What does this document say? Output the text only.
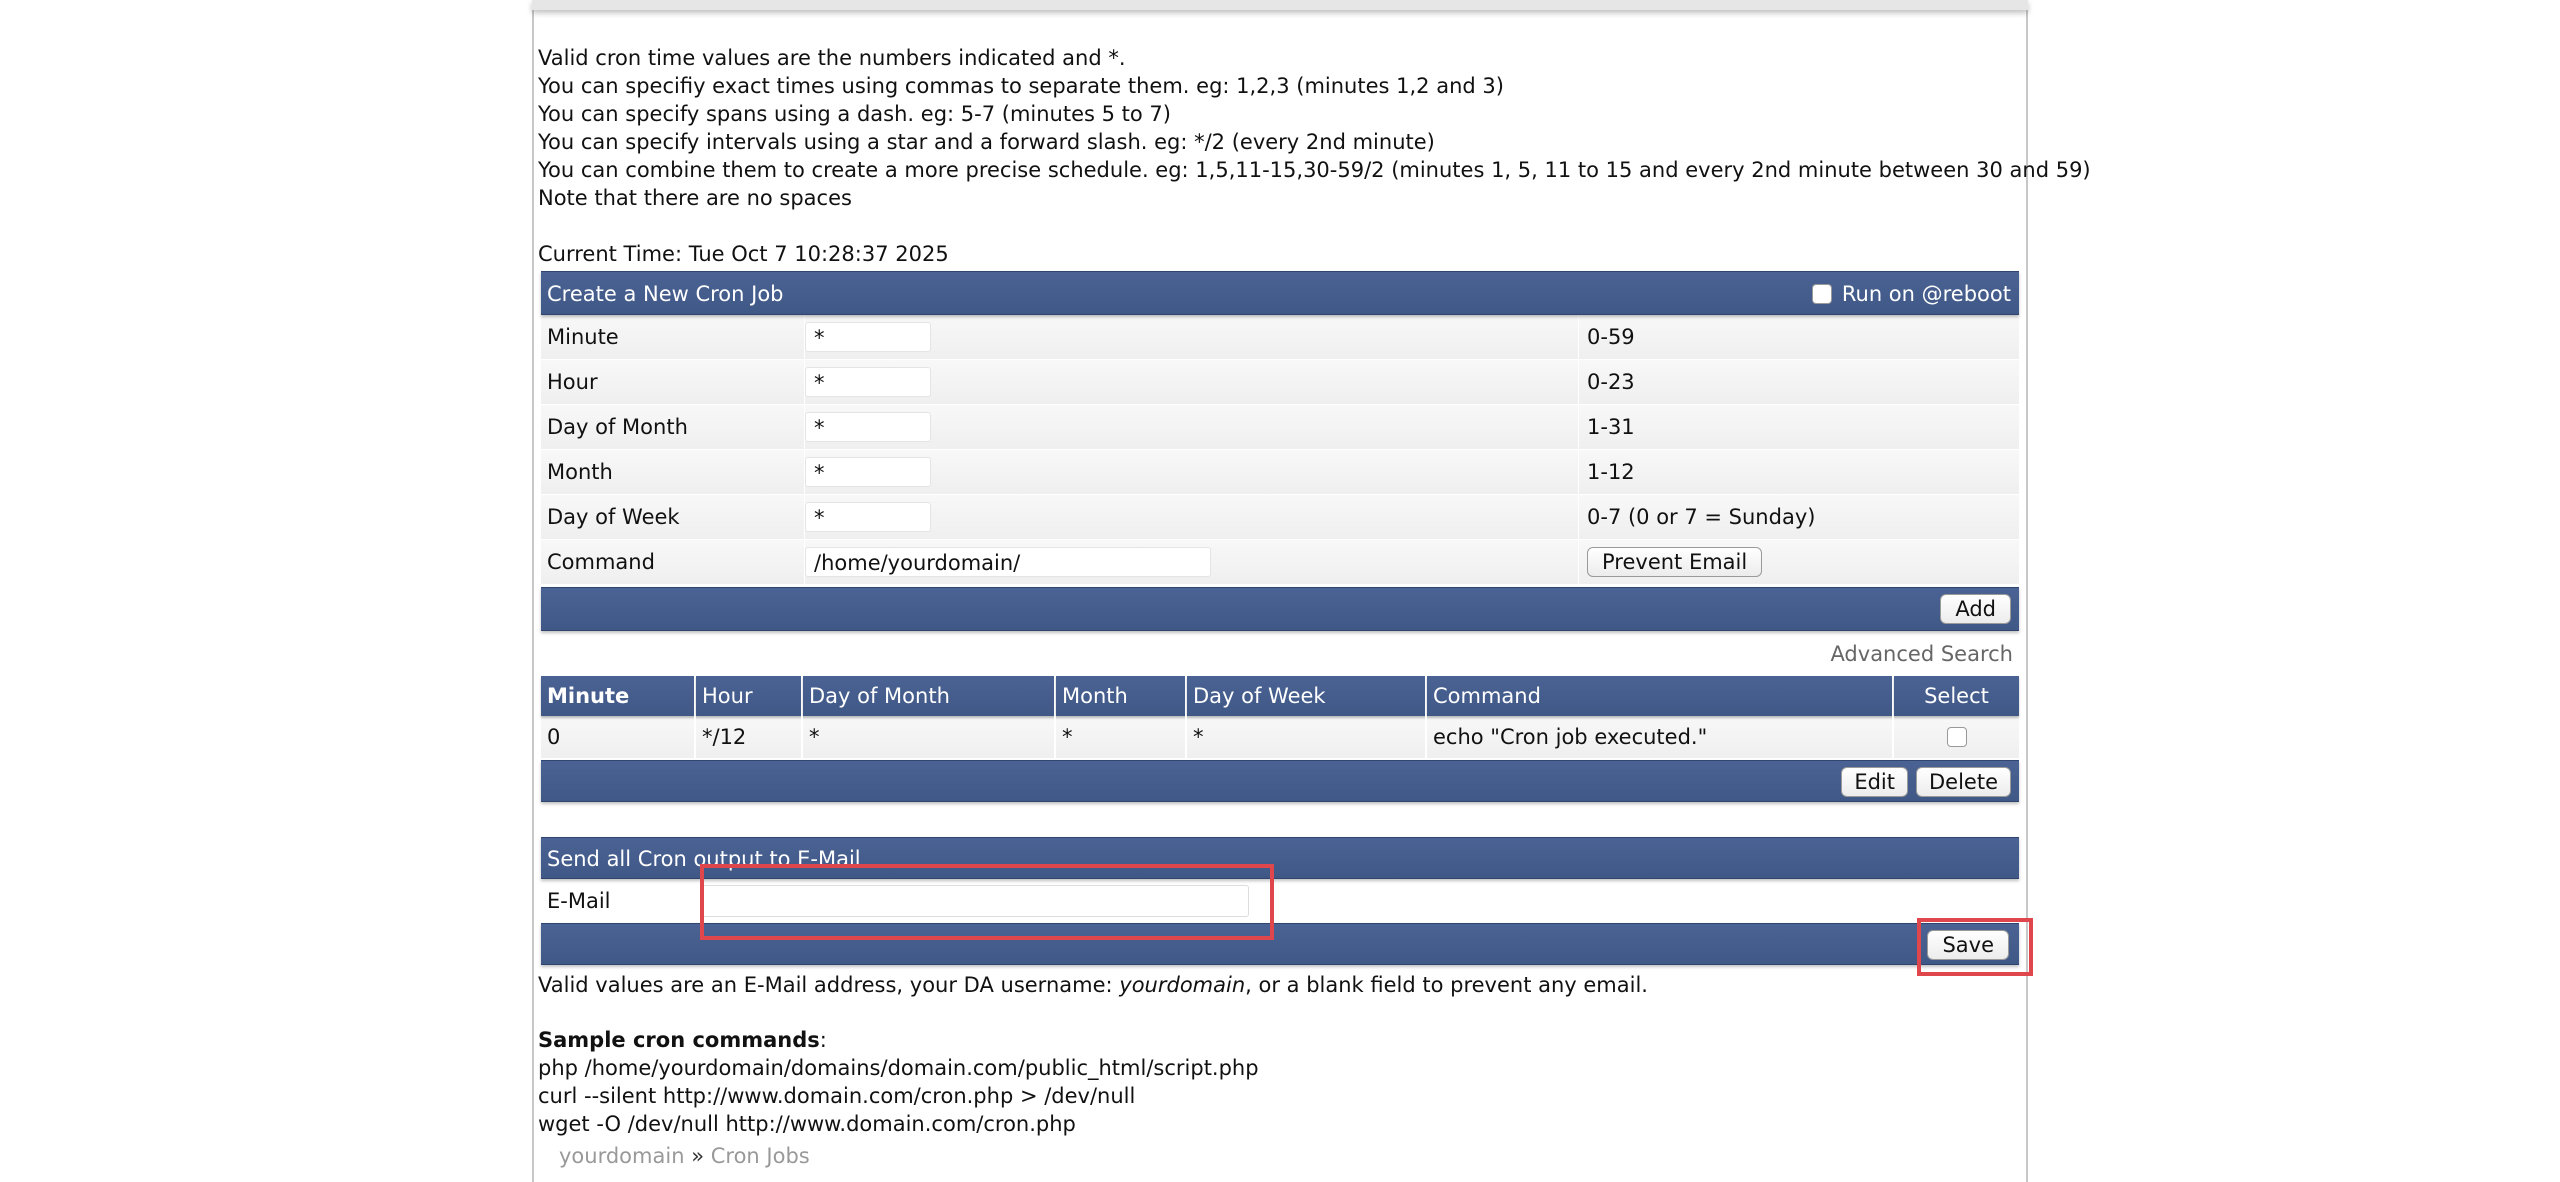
Valid cron time values are the numbers indicated and *.
You can specifiy exact times using commas to separate them. eg: 1,2,3 (minutes 1,2 and 3)
You can specify spans using a dash. eg: 5-7 (minutes 5 to 7)
You can specify intervals using a star and a forward slash. eg: */2 (every 2nd minute)
You can combine them to create a more precise schedule. eg: 1,5,11-15,30-59/2 (minutes 1, 5, 11 to 15 and every 2nd minute between 30 and 59)
Note that there are no spaces
Current Time: Tue Oct 7 10:28:37 2025
Create a New Cron Job	Run on @reboot
Minute	*	0-59
Hour	*	0-23
Day of Month	*	1-31
Month	*	1-12
Day of Week	*	0-7 (0 or 7 = Sunday)
Command	/home/yourdomain/	Prevent Email
Add
Advanced Search
Minute	Hour	Day of Month	Month	Day of Week	Command	Select
0	*/12	*	*	*	echo "Cron job executed."
Edit	Delete
Send all Cron output to E-Mail
E-Mail
Save
Valid values are an E-Mail address, your DA username: yourdomain, or a blank field to prevent any email.
Sample cron commands:
php /home/yourdomain/domains/domain.com/public_html/script.php
curl --silent http://www.domain.com/cron.php > /dev/null
wget -O /dev/null http://www.domain.com/cron.php
yourdomain » Cron Jobs
